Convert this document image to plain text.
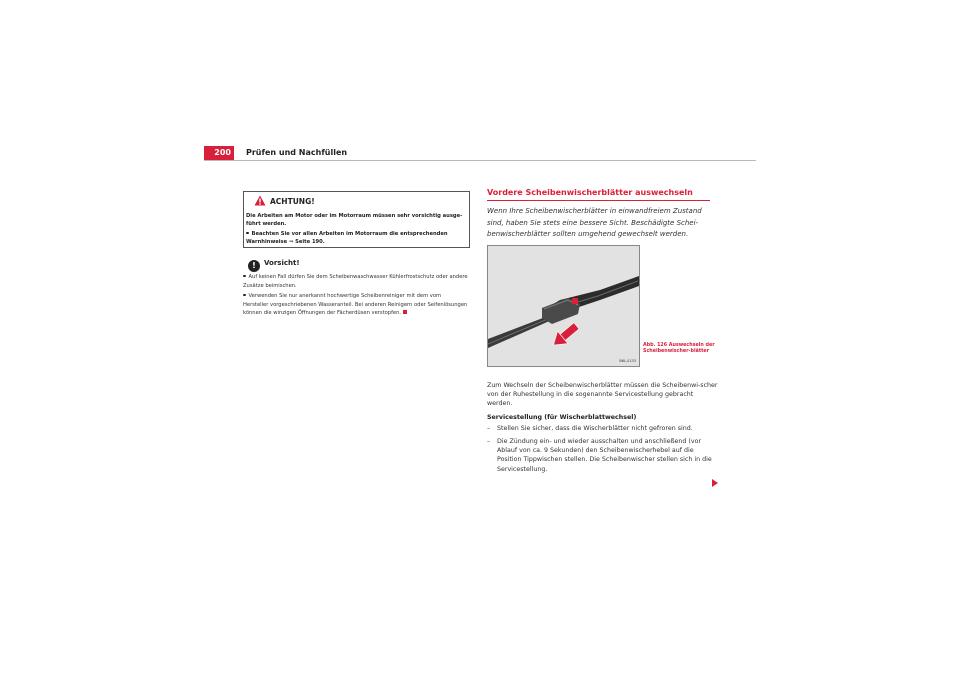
200	Prüfen und Nachfüllen
ACHTUNG!

Die Arbeiten am Motor oder im Motorraum müssen sehr vorsichtig ausge-führt werden.

Beachten Sie vor allen Arbeiten im Motorraum die entsprechenden Warnhinweise ⇒ Seite 190.

! Vorsicht!

Auf keinen Fall dürfen Sie dem Scheibenwaschwasser Kühlerfrostschutz oder andere Zusätze beimischen.

Verwenden Sie nur anerkannt hochwertige Scheibenreiniger mit dem vom Hersteller vorgeschriebenen Wasseranteil. Bei anderen Reinigern oder Seifenlösungen können die winzigen Öffnungen der Fächerdüsen verstopfen.

Vordere Scheibenwischerblätter auswechseln

Wenn Ihre Scheibenwischerblätter in einwandfreiem Zustand sind, haben Sie stets eine bessere Sicht. Beschädigte Schei-benwischerblätter sollten umgehend gewechselt werden.

B6L-0133
Abb. 126 Auswechseln der Scheibenwischer-blätter

Zum Wechseln der Scheibenwischerblätter müssen die Scheibenwi-scher von der Ruhestellung in die sogenannte Servicestellung gebracht werden.

Servicestellung (für Wischerblattwechsel)

–	Stellen Sie sicher, dass die Wischerblätter nicht gefroren sind.

–	Die Zündung ein- und wieder ausschalten und anschließend (vor Ablauf von ca. 9 Sekunden) den Scheibenwischerhebel auf die Position Tippwischen stellen. Die Scheibenwischer stellen sich in die Servicestellung.
